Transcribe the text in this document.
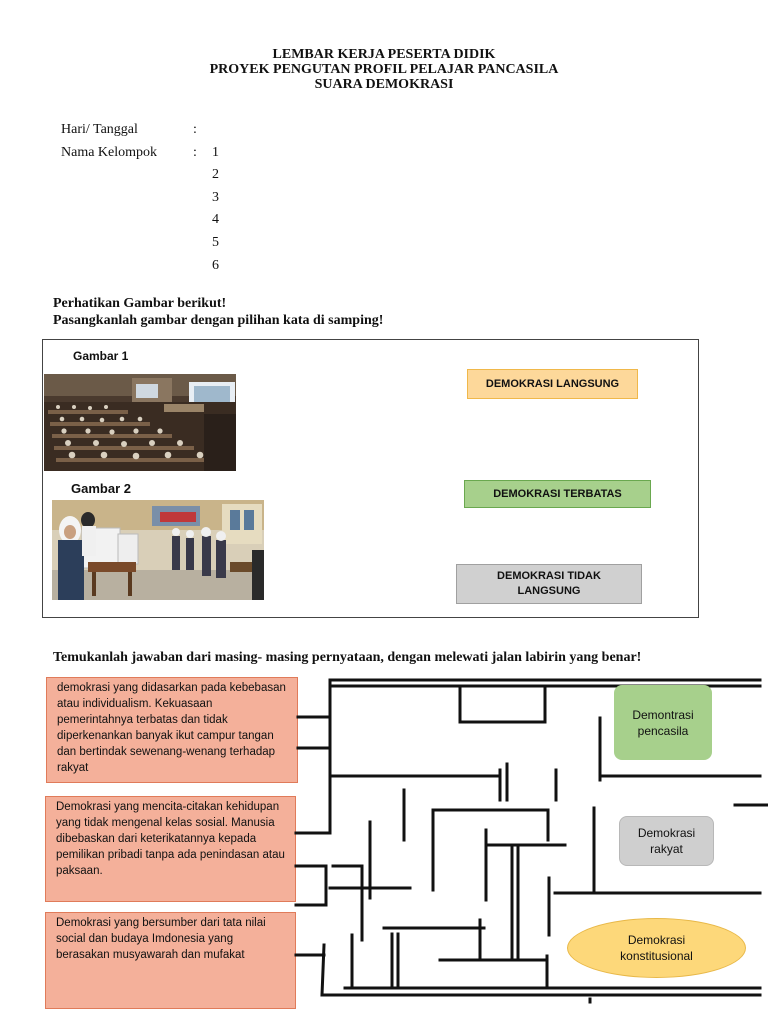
LEMBAR KERJA PESERTA DIDIK
PROYEK PENGUTAN PROFIL PELAJAR PANCASILA
SUARA DEMOKRASI
Hari/ Tanggal	:
Nama Kelompok	: 1
2
3
4
5
6
Perhatikan Gambar berikut!
Pasangkanlah gambar dengan pilihan kata di samping!
Gambar 1
Gambar 2
DEMOKRASI LANGSUNG
DEMOKRASI TERBATAS
DEMOKRASI TIDAK LANGSUNG
Temukanlah jawaban dari masing- masing pernyataan, dengan melewati jalan labirin yang benar!
demokrasi yang didasarkan pada kebebasan atau individualism. Kekuasaan pemerintahnya terbatas dan tidak diperkenankan banyak ikut campur tangan dan bertindak sewenang-wenang terhadap rakyat
Demokrasi yang mencita-citakan kehidupan yang tidak mengenal kelas sosial. Manusia dibebaskan dari keterikatannya kepada pemilikan pribadi tanpa ada penindasan atau paksaan.
Demokrasi yang bersumber dari tata nilai social dan budaya Imdonesia yang berasakan musyawarah dan mufakat
Demontrasi pencasila
Demokrasi rakyat
Demokrasi konstitusional
